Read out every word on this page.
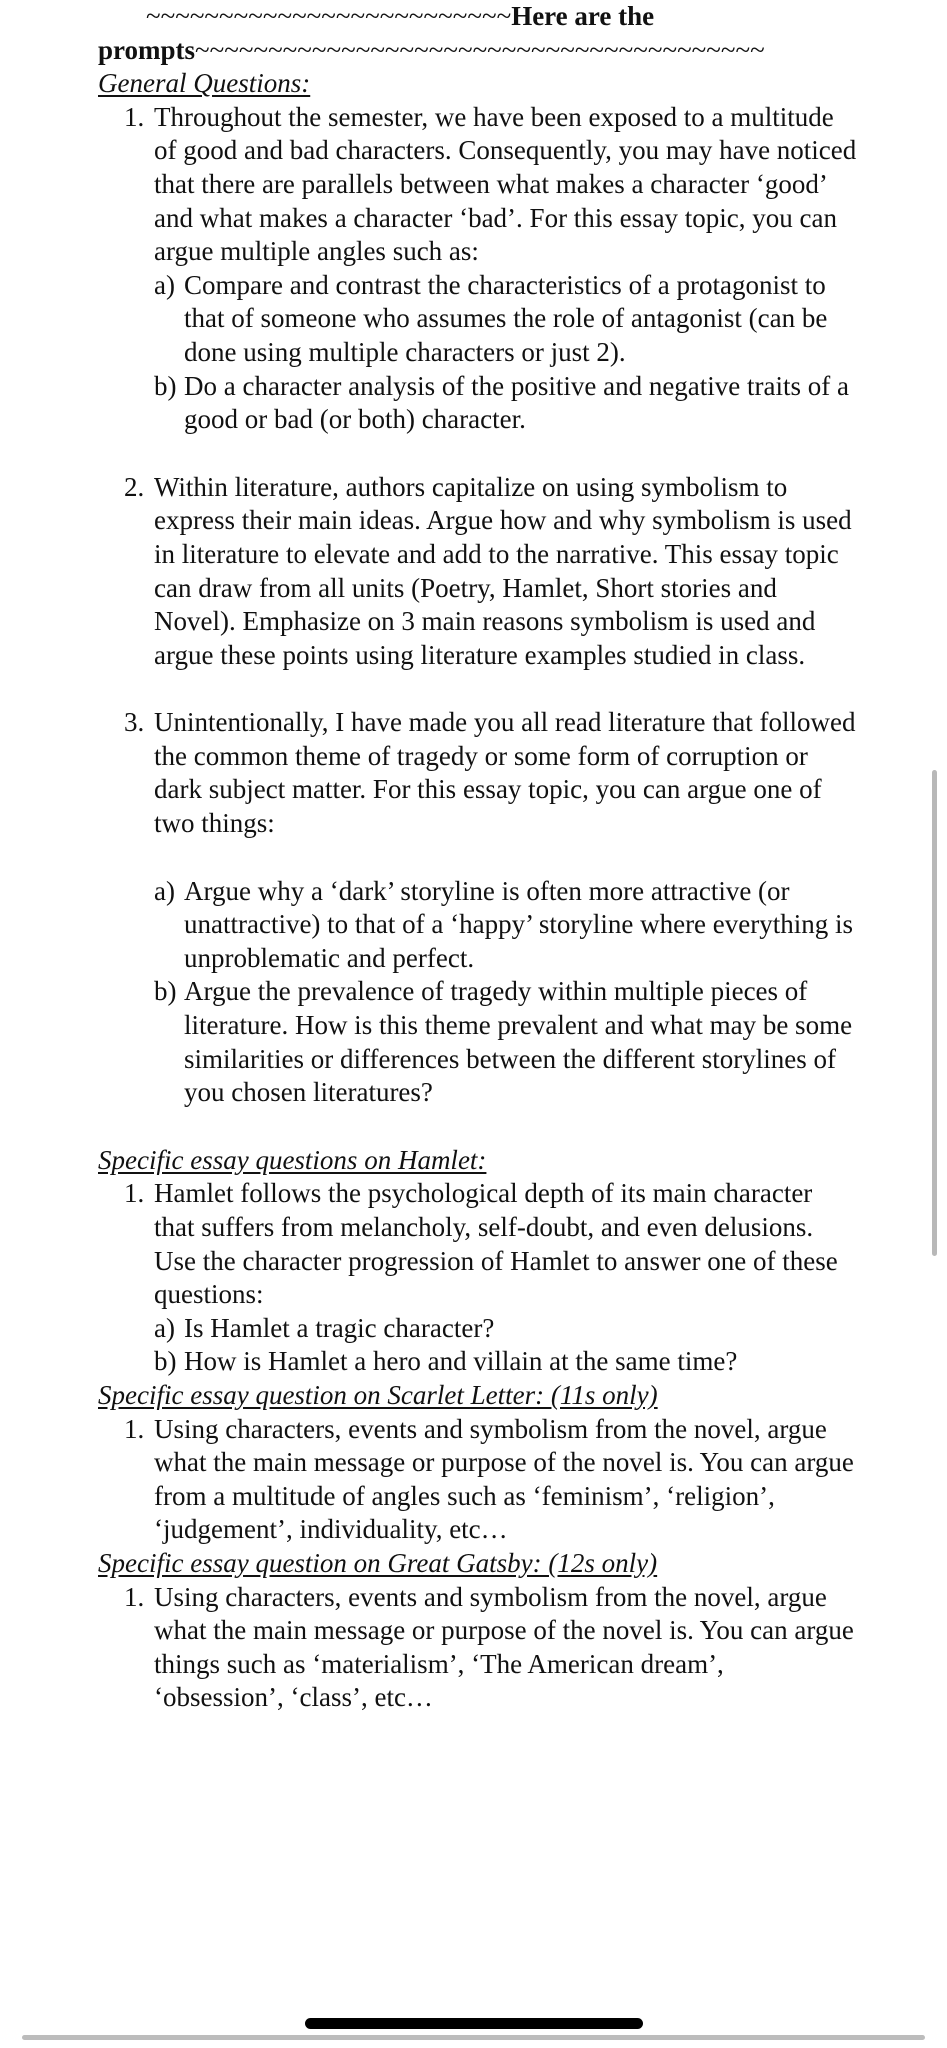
~~~~~~~~~~~~~~~~~~~~~~~~~Here are the
prompts~~~~~~~~~~~~~~~~~~~~~~~~~~~~~~~~~~~~~~~
General Questions:
1. Throughout the semester, we have been exposed to a multitude of good and bad characters. Consequently, you may have noticed that there are parallels between what makes a character ‘good’ and what makes a character ‘bad’. For this essay topic, you can argue multiple angles such as:
a) Compare and contrast the characteristics of a protagonist to that of someone who assumes the role of antagonist (can be done using multiple characters or just 2).
b) Do a character analysis of the positive and negative traits of a good or bad (or both) character.
2. Within literature, authors capitalize on using symbolism to express their main ideas. Argue how and why symbolism is used in literature to elevate and add to the narrative. This essay topic can draw from all units (Poetry, Hamlet, Short stories and Novel). Emphasize on 3 main reasons symbolism is used and argue these points using literature examples studied in class.
3. Unintentionally, I have made you all read literature that followed the common theme of tragedy or some form of corruption or dark subject matter. For this essay topic, you can argue one of two things:
a) Argue why a ‘dark’ storyline is often more attractive (or unattractive) to that of a ‘happy’ storyline where everything is unproblematic and perfect.
b) Argue the prevalence of tragedy within multiple pieces of literature. How is this theme prevalent and what may be some similarities or differences between the different storylines of you chosen literatures?
Specific essay questions on Hamlet:
1. Hamlet follows the psychological depth of its main character that suffers from melancholy, self-doubt, and even delusions. Use the character progression of Hamlet to answer one of these questions:
a) Is Hamlet a tragic character?
b) How is Hamlet a hero and villain at the same time?
Specific essay question on Scarlet Letter: (11s only)
1. Using characters, events and symbolism from the novel, argue what the main message or purpose of the novel is. You can argue from a multitude of angles such as ‘feminism’, ‘religion’, ‘judgement’, individuality, etc…
Specific essay question on Great Gatsby: (12s only)
1. Using characters, events and symbolism from the novel, argue what the main message or purpose of the novel is. You can argue things such as ‘materialism’, ‘The American dream’, ‘obsession’, ‘class’, etc…
